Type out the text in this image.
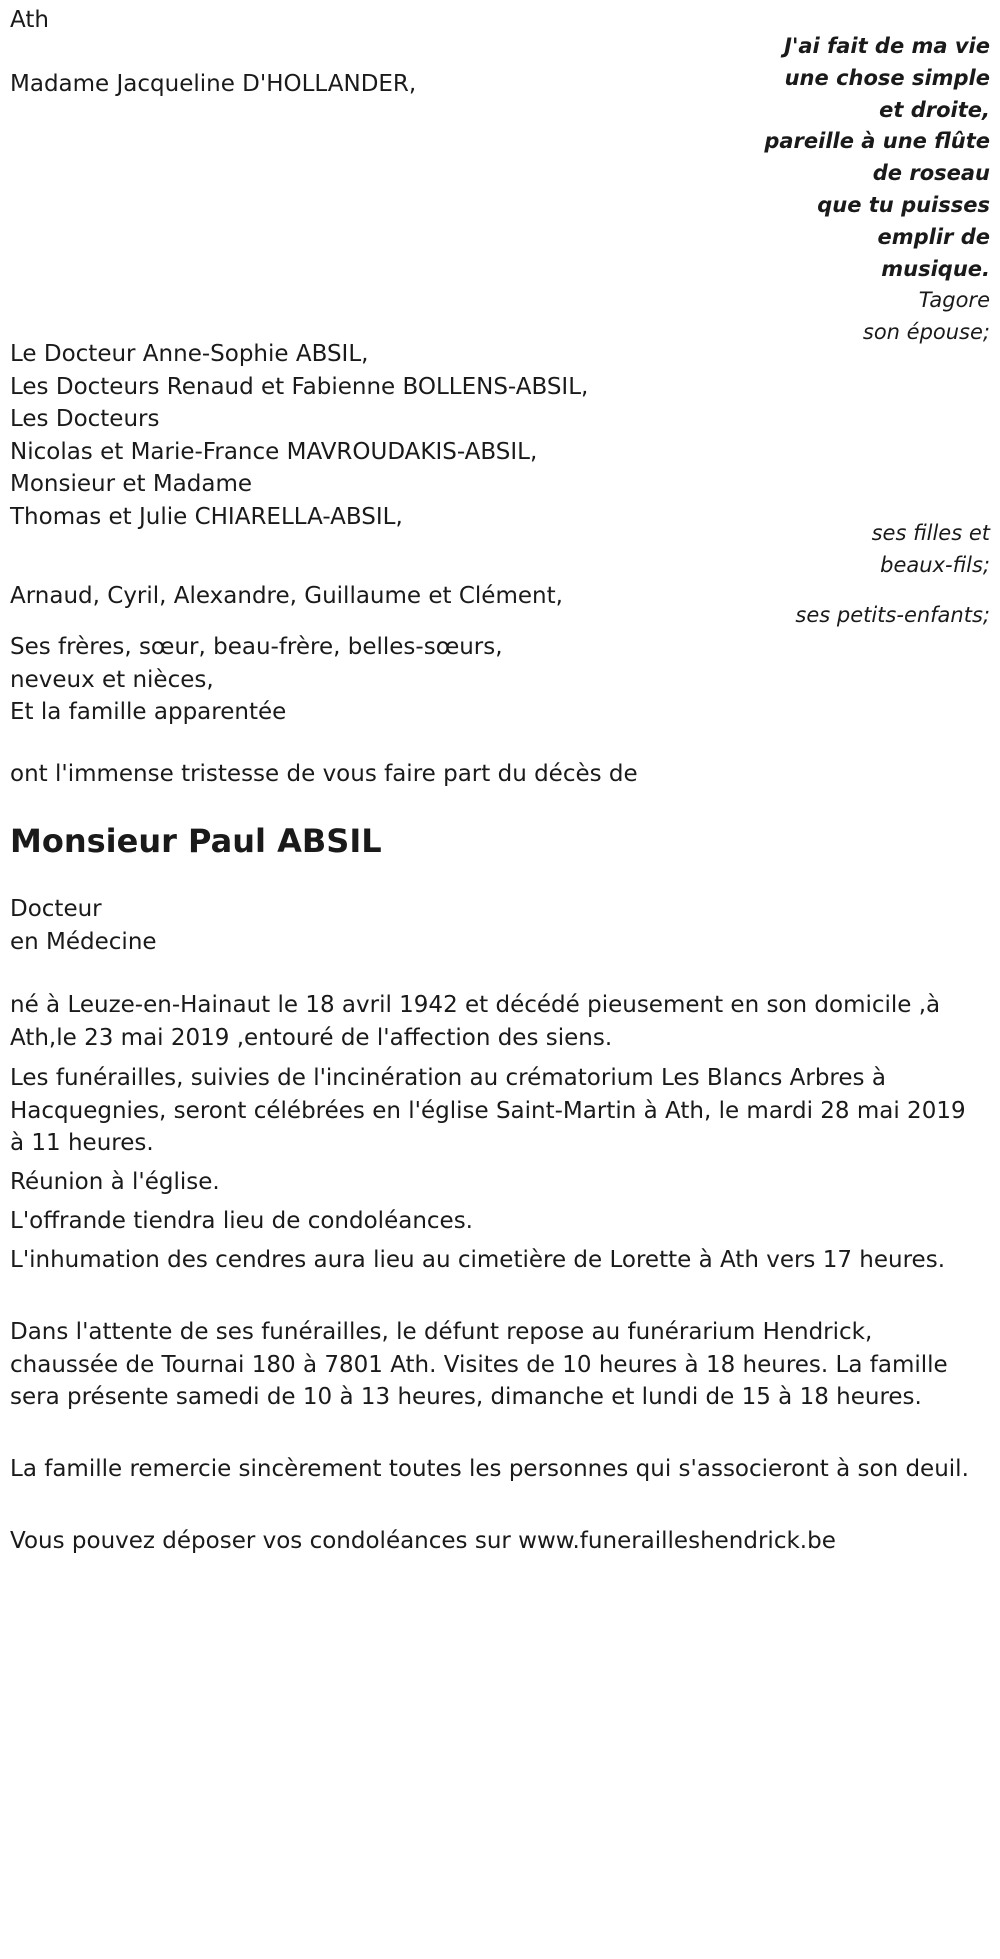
Ath
Madame Jacqueline D'HOLLANDER,
J'ai fait de ma vie
une chose simple
et droite,
pareille à une flûte
de roseau
que tu puisses
emplir de
musique.
Tagore
son épouse;
Le Docteur Anne-Sophie ABSIL,
Les Docteurs Renaud et Fabienne BOLLENS-ABSIL,
Les Docteurs
Nicolas et Marie-France MAVROUDAKIS-ABSIL,
Monsieur et Madame
Thomas et Julie CHIARELLA-ABSIL,
ses filles et
beaux-fils;
Arnaud, Cyril, Alexandre, Guillaume et Clément,
ses petits-enfants;
Ses frères, sœur, beau-frère, belles-sœurs,
neveux et nièces,
Et la famille apparentée
ont l'immense tristesse de vous faire part du décès de
Monsieur Paul ABSIL
Docteur
en Médecine
né à Leuze-en-Hainaut le 18 avril 1942 et décédé pieusement en son domicile ,à Ath,le 23 mai 2019 ,entouré de l'affection des siens.
Les funérailles, suivies de l'incinération au crématorium Les Blancs Arbres à Hacquegnies, seront célébrées en l'église Saint-Martin à Ath, le mardi 28 mai 2019 à 11 heures.
Réunion à l'église.
L'offrande tiendra lieu de condoléances.
L'inhumation des cendres aura lieu au cimetière de Lorette à Ath vers 17 heures.
Dans l'attente de ses funérailles, le défunt repose au funérarium Hendrick, chaussée de Tournai 180 à 7801 Ath. Visites de 10 heures à 18 heures. La famille sera présente samedi de 10 à 13 heures, dimanche et lundi de 15 à 18 heures.
La famille remercie sincèrement toutes les personnes qui s'associeront à son deuil.
Vous pouvez déposer vos condoléances sur www.funerailleshendrick.be
